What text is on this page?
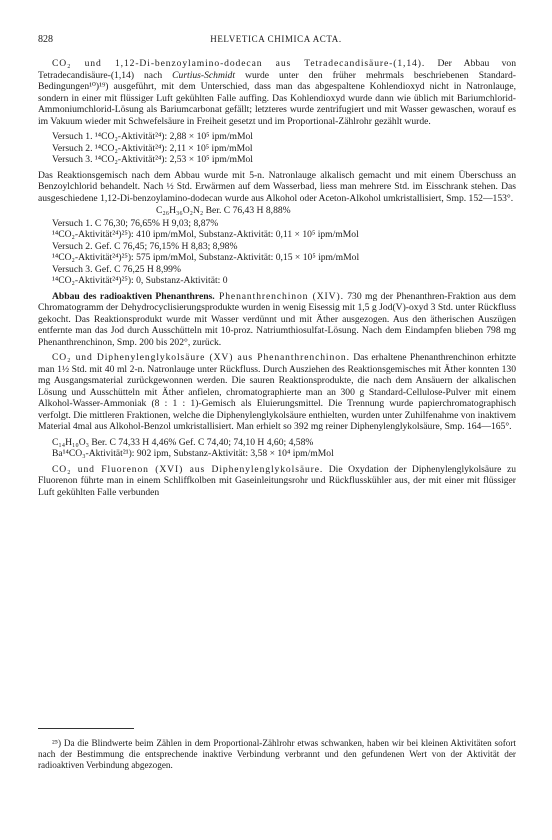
828	HELVETICA CHIMICA ACTA.

CO₂ und 1,12-Di-benzoylamino-dodecan aus Tetradecandisäure-(1,14). Der Abbau von Tetradecandisäure-(1,14) nach Curtius-Schmidt wurde unter den früher mehrmals beschriebenen Standard-Bedingungen¹⁰)¹⁹) ausgeführt, mit dem Unterschied, dass man das abgespaltene Kohlendioxyd nicht in Natronlauge, sondern in einer mit flüssiger Luft gekühlten Falle auffing. Das Kohlendioxyd wurde dann wie üblich mit Bariumchlorid-Ammoniumchlorid-Lösung als Bariumcarbonat gefällt; letzteres wurde zentrifugiert und mit Wasser gewaschen, worauf es im Vakuum wieder mit Schwefelsäure in Freiheit gesetzt und im Proportional-Zählrohr gezählt wurde.

Versuch 1. ¹⁴CO₂-Aktivität²⁴): 2,88 × 10⁵ ipm/mMol

Versuch 2. ¹⁴CO₂-Aktivität²⁴): 2,11 × 10⁵ ipm/mMol

Versuch 3. ¹⁴CO₂-Aktivität²⁴): 2,53 × 10⁵ ipm/mMol

Das Reaktionsgemisch nach dem Abbau wurde mit 5-n. Natronlauge alkalisch gemacht und mit einem Überschuss an Benzoylchlorid behandelt. Nach ½ Std. Erwärmen auf dem Wasserbad, liess man mehrere Std. im Eisschrank stehen. Das ausgeschiedene 1,12-Di-benzoylamino-dodecan wurde aus Alkohol oder Aceton-Alkohol umkristallisiert, Smp. 152—153°.

C₂₆H₃₆O₂N₂ Ber. C 76,43 H 8,88%

Versuch 1. C 76,30; 76,65% H 9,03; 8,87%

¹⁴CO₂-Aktivität²⁴)²⁵): 410 ipm/mMol, Substanz-Aktivität: 0,11 × 10⁵ ipm/mMol

Versuch 2. Gef. C 76,45; 76,15% H 8,83; 8,98%

¹⁴CO₂-Aktivität²⁴)²⁵): 575 ipm/mMol, Substanz-Aktivität: 0,15 × 10⁵ ipm/mMol

Versuch 3. Gef. C 76,25 H 8,99%

¹⁴CO₂-Aktivität²⁴)²⁵): 0, Substanz-Aktivität: 0

Abbau des radioaktiven Phenanthrens. Phenanthrenchinon (XIV). 730 mg der Phenanthren-Fraktion aus dem Chromatogramm der Dehydrocyclisierungsprodukte wurden in wenig Eisessig mit 1,5 g Jod(V)-oxyd 3 Std. unter Rückfluss gekocht. Das Reaktionsprodukt wurde mit Wasser verdünnt und mit Äther ausgezogen. Aus den ätherischen Auszügen entfernte man das Jod durch Ausschütteln mit 10-proz. Natriumthiosulfat-Lösung. Nach dem Eindampfen blieben 798 mg Phenanthrenchinon, Smp. 200 bis 202°, zurück.

CO₂ und Diphenylenglykolsäure (XV) aus Phenanthrenchinon. Das erhaltene Phenanthrenchinon erhitzte man 1½ Std. mit 40 ml 2-n. Natronlauge unter Rückfluss. Durch Ausziehen des Reaktionsgemisches mit Äther konnten 130 mg Ausgangsmaterial zurückgewonnen werden. Die sauren Reaktionsprodukte, die nach dem Ansäuern der alkalischen Lösung und Ausschütteln mit Äther anfielen, chromatographierte man an 300 g Standard-Cellulose-Pulver mit einem Alkohol-Wasser-Ammoniak (8 : 1 : 1)-Gemisch als Eluierungsmittel. Die Trennung wurde papierchromatographisch verfolgt. Die mittleren Fraktionen, welche die Diphenylenglykolsäure enthielten, wurden unter Zuhilfenahme von inaktivem Material 4mal aus Alkohol-Benzol umkristallisiert. Man erhielt so 392 mg reiner Diphenylenglykolsäure, Smp. 164—165°.

C₁₄H₁₀O₃ Ber. C 74,33 H 4,46% Gef. C 74,40; 74,10 H 4,60; 4,58%

Ba¹⁴CO₃-Aktivität²¹): 902 ipm, Substanz-Aktivität: 3,58 × 10⁴ ipm/mMol

CO₂ und Fluorenon (XVI) aus Diphenylenglykolsäure. Die Oxydation der Diphenylenglykolsäure zu Fluorenon führte man in einem Schliffkolben mit Gaseinleitungsrohr und Rückflusskühler aus, der mit einer mit flüssiger Luft gekühlten Falle verbunden

²⁵) Da die Blindwerte beim Zählen in dem Proportional-Zählrohr etwas schwanken, haben wir bei kleinen Aktivitäten sofort nach der Bestimmung die entsprechende inaktive Verbindung verbrannt und den gefundenen Wert von der Aktivität der radioaktiven Verbindung abgezogen.
